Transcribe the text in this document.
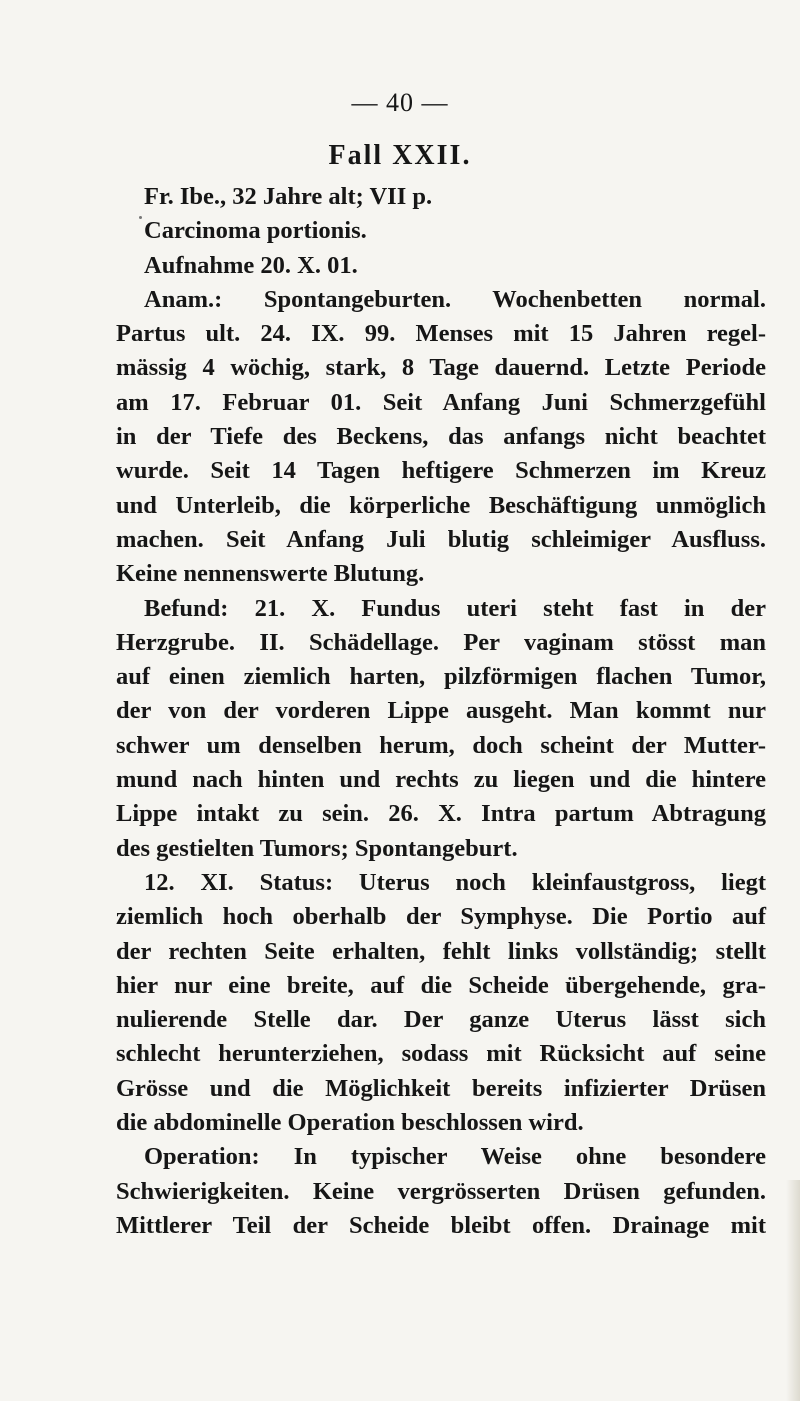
— 40 —
Fall XXII.
Fr. Ibe., 32 Jahre alt; VII p.
Carcinoma portionis.
Aufnahme 20. X. 01.
Anam.: Spontangeburten. Wochenbetten normal.
Partus ult. 24. IX. 99. Menses mit 15 Jahren regel-
mässig 4 wöchig, stark, 8 Tage dauernd. Letzte Periode
am 17. Februar 01. Seit Anfang Juni Schmerzgefühl
in der Tiefe des Beckens, das anfangs nicht beachtet
wurde. Seit 14 Tagen heftigere Schmerzen im Kreuz
und Unterleib, die körperliche Beschäftigung unmöglich
machen. Seit Anfang Juli blutig schleimiger Ausfluss.
Keine nennenswerte Blutung.
Befund: 21. X. Fundus uteri steht fast in der
Herzgrube. II. Schädellage. Per vaginam stösst man
auf einen ziemlich harten, pilzförmigen flachen Tumor,
der von der vorderen Lippe ausgeht. Man kommt nur
schwer um denselben herum, doch scheint der Mutter-
mund nach hinten und rechts zu liegen und die hintere
Lippe intakt zu sein. 26. X. Intra partum Abtragung
des gestielten Tumors; Spontangeburt.
12. XI. Status: Uterus noch kleinfaustgross, liegt
ziemlich hoch oberhalb der Symphyse. Die Portio auf
der rechten Seite erhalten, fehlt links vollständig; stellt
hier nur eine breite, auf die Scheide übergehende, gra-
nulierende Stelle dar. Der ganze Uterus lässt sich
schlecht herunterziehen, sodass mit Rücksicht auf seine
Grösse und die Möglichkeit bereits infizierter Drüsen
die abdominelle Operation beschlossen wird.
Operation: In typischer Weise ohne besondere
Schwierigkeiten. Keine vergrösserten Drüsen gefunden.
Mittlerer Teil der Scheide bleibt offen. Drainage mit
